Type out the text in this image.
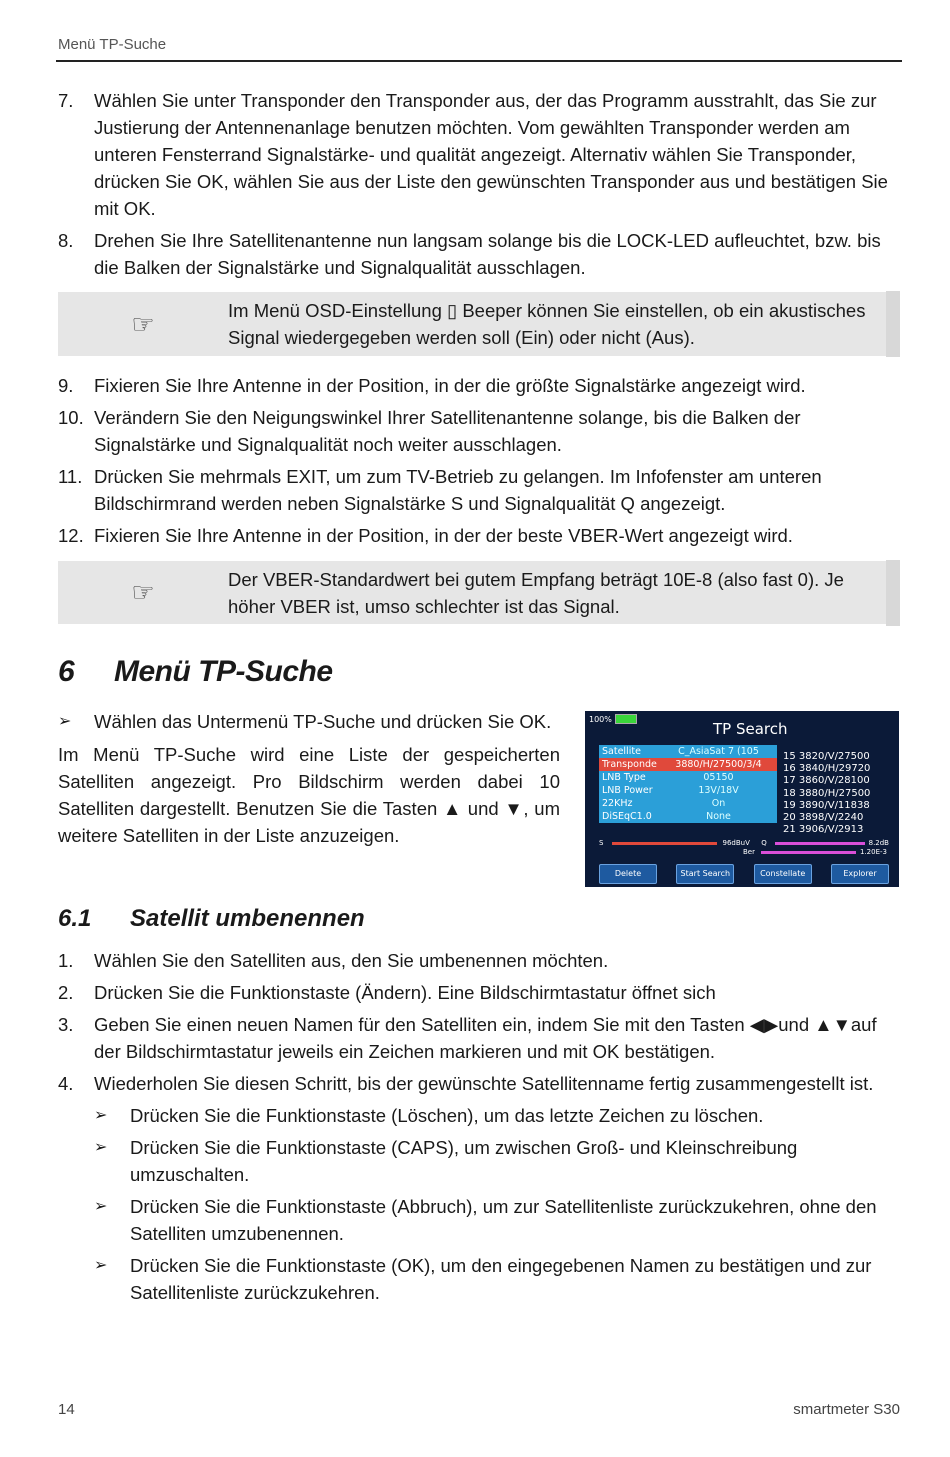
Menü TP-Suche
7.	Wählen Sie unter Transponder den Transponder aus, der das Programm ausstrahlt, das Sie zur Justierung der Antennenanlage benutzen möchten. Vom gewählten Transponder werden am unteren Fensterrand Signalstärke- und qualität angezeigt. Alternativ wählen Sie Transponder, drücken Sie OK, wählen Sie aus der Liste den gewünschten Transponder aus und bestätigen Sie mit OK.
8.	Drehen Sie Ihre Satellitenantenne nun langsam solange bis die LOCK-LED aufleuchtet, bzw. bis die Balken der Signalstärke und Signalqualität ausschlagen.
☞	Im Menü OSD-Einstellung ▯ Beeper können Sie einstellen, ob ein akustisches Signal wiedergegeben werden soll (Ein) oder nicht (Aus).
9.	Fixieren Sie Ihre Antenne in der Position, in der die größte Signalstärke angezeigt wird.
10. Verändern Sie den Neigungswinkel Ihrer Satellitenantenne solange, bis die Balken der Signalstärke und Signalqualität noch weiter ausschlagen.
11. Drücken Sie mehrmals EXIT, um zum TV-Betrieb zu gelangen. Im Infofenster am unteren Bildschirmrand werden neben Signalstärke S und Signalqualität Q angezeigt.
12. Fixieren Sie Ihre Antenne in der Position, in der der beste VBER-Wert angezeigt wird.
☞	Der VBER-Standardwert bei gutem Empfang beträgt 10E-8 (also fast 0). Je höher VBER ist, umso schlechter ist das Signal.
6 Menü TP-Suche
➢	Wählen das Untermenü TP-Suche und drücken Sie OK.
Im Menü TP-Suche wird eine Liste der gespeicherten Satelliten angezeigt. Pro Bildschirm werden dabei 10 Satelliten dargestellt. Benutzen Sie die Tasten ▲ und ▼, um weitere Satelliten in der Liste anzuzeigen.
100%
TP Search
Satellite	C_AsiaSat 7 (105
Transponde	3880/H/27500/3/4
LNB Type	05150
LNB Power	13V/18V
22KHz	On
DiSEqC1.0	None
15 3820/V/27500
16 3840/H/29720
17 3860/V/28100
18 3880/H/27500
19 3890/V/11838
20 3898/V/2240
21 3906/V/2913
S	96dBuV Q	8.2dB
Ber	1.20E-3
Delete	Start Search	Constellate	Explorer
6.1 Satellit umbenennen
1.	Wählen Sie den Satelliten aus, den Sie umbenennen möchten.
2.	Drücken Sie die Funktionstaste (Ändern). Eine Bildschirmtastatur öffnet sich
3.	Geben Sie einen neuen Namen für den Satelliten ein, indem Sie mit den Tasten ◀▶und ▲▼auf der Bildschirmtastatur jeweils ein Zeichen markieren und mit OK bestätigen.
4.	Wiederholen Sie diesen Schritt, bis der gewünschte Satellitenname fertig zusammengestellt ist.
➢	Drücken Sie die Funktionstaste (Löschen), um das letzte Zeichen zu löschen.
➢	Drücken Sie die Funktionstaste (CAPS), um zwischen Groß- und Kleinschreibung umzuschalten.
➢	Drücken Sie die Funktionstaste (Abbruch), um zur Satellitenliste zurückzukehren, ohne den Satelliten umzubenennen.
➢	Drücken Sie die Funktionstaste (OK), um den eingegebenen Namen zu bestätigen und zur Satellitenliste zurückzukehren.
14	smartmeter S30
